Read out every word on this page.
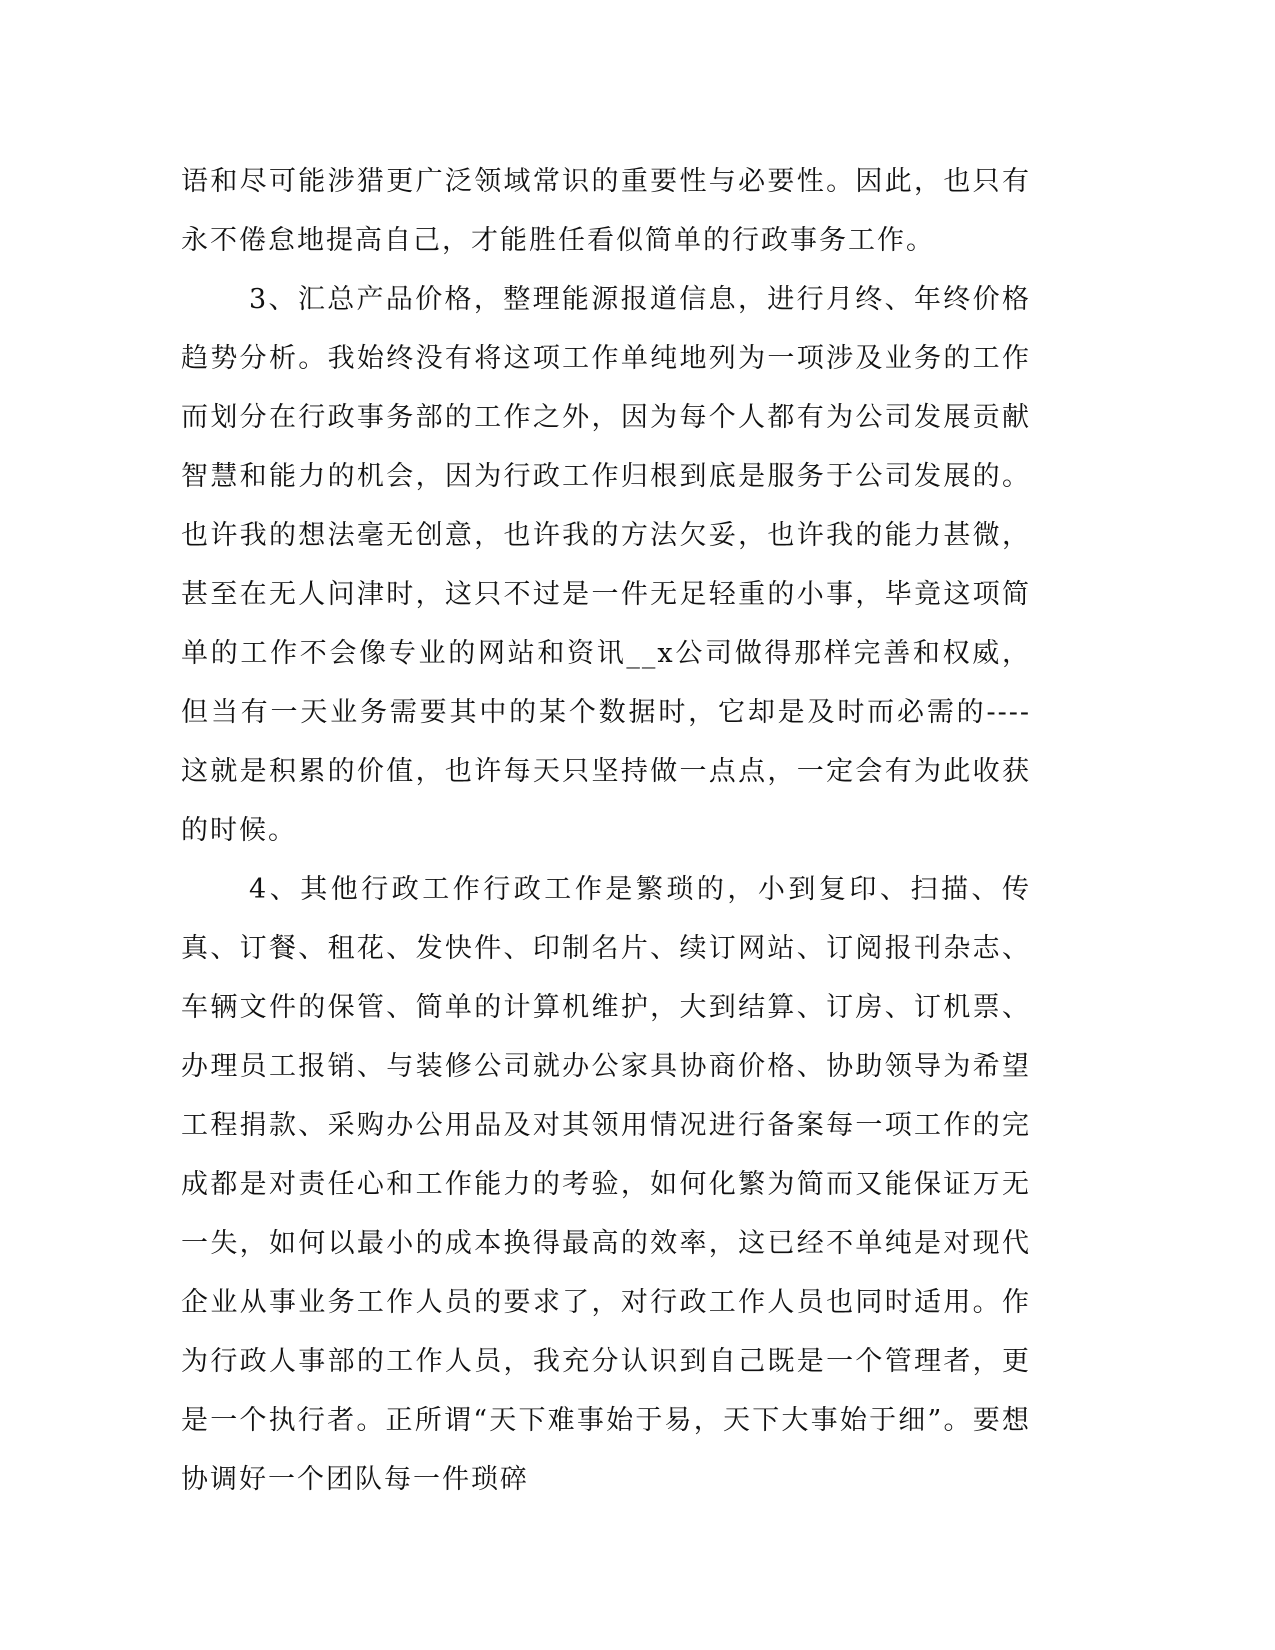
语和尽可能涉猎更广泛领域常识的重要性与必要性。因此，也只有永不倦怠地提高自己，才能胜任看似简单的行政事务工作。

3、汇总产品价格，整理能源报道信息，进行月终、年终价格趋势分析。我始终没有将这项工作单纯地列为一项涉及业务的工作而划分在行政事务部的工作之外，因为每个人都有为公司发展贡献智慧和能力的机会，因为行政工作归根到底是服务于公司发展的。也许我的想法毫无创意，也许我的方法欠妥，也许我的能力甚微，甚至在无人问津时，这只不过是一件无足轻重的小事，毕竟这项简单的工作不会像专业的网站和资讯__x公司做得那样完善和权威，但当有一天业务需要其中的某个数据时，它却是及时而必需的----这就是积累的价值，也许每天只坚持做一点点，一定会有为此收获的时候。

4、其他行政工作行政工作是繁琐的，小到复印、扫描、传真、订餐、租花、发快件、印制名片、续订网站、订阅报刊杂志、车辆文件的保管、简单的计算机维护，大到结算、订房、订机票、办理员工报销、与装修公司就办公家具协商价格、协助领导为希望工程捐款、采购办公用品及对其领用情况进行备案每一项工作的完成都是对责任心和工作能力的考验，如何化繁为简而又能保证万无一失，如何以最小的成本换得最高的效率，这已经不单纯是对现代企业从事业务工作人员的要求了，对行政工作人员也同时适用。作为行政人事部的工作人员，我充分认识到自己既是一个管理者，更是一个执行者。正所谓“天下难事始于易，天下大事始于细”。要想协调好一个团队每一件琐碎
